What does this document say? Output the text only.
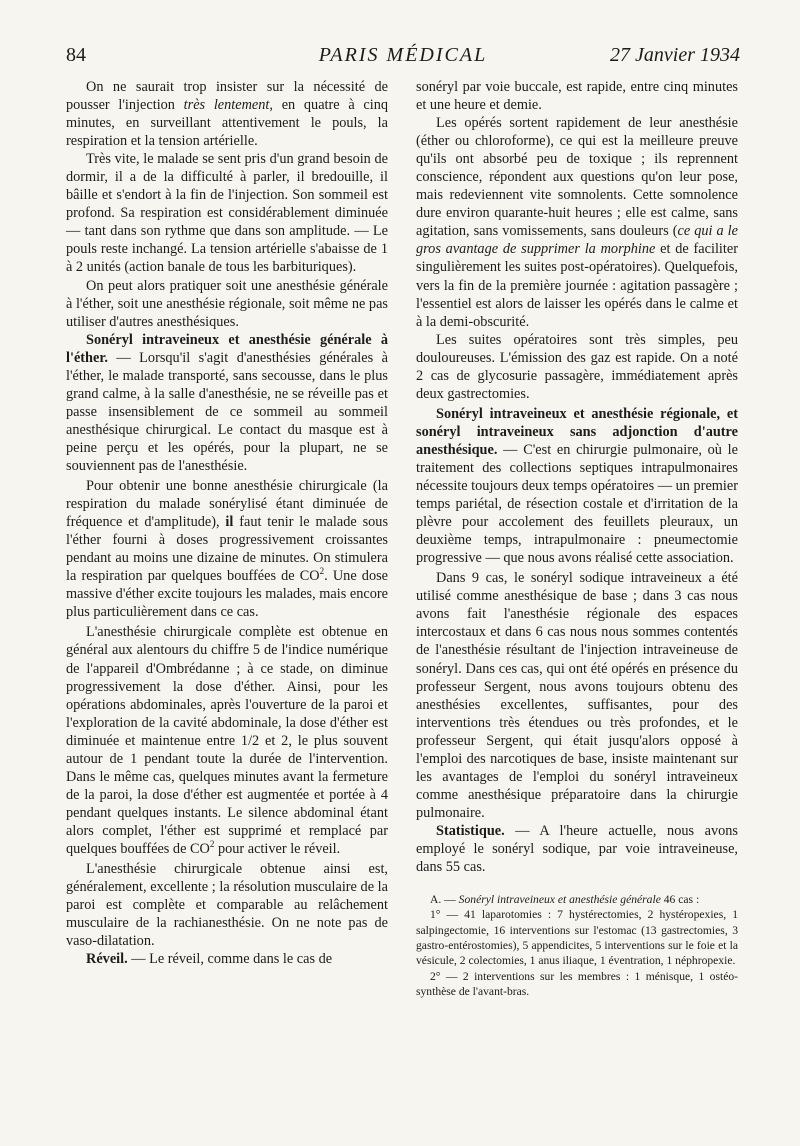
84	PARIS MÉDICAL	27 Janvier 1934

On ne saurait trop insister sur la nécessité de pousser l'injection très lentement, en quatre à cinq minutes, en surveillant attentivement le pouls, la respiration et la tension artérielle.

Très vite, le malade se sent pris d'un grand besoin de dormir, il a de la difficulté à parler, il bredouille, il bâille et s'endort à la fin de l'injection. Son sommeil est profond. Sa respiration est considérablement diminuée — tant dans son rythme que dans son amplitude. — Le pouls reste inchangé. La tension artérielle s'abaisse de 1 à 2 unités (action banale de tous les barbituriques).

On peut alors pratiquer soit une anesthésie générale à l'éther, soit une anesthésie régionale, soit même ne pas utiliser d'autres anesthésiques.

Sonéryl intraveineux et anesthésie générale à l'éther. — Lorsqu'il s'agit d'anesthésies générales à l'éther, le malade transporté, sans secousse, dans le plus grand calme, à la salle d'anesthésie, ne se réveille pas et passe insensiblement de ce sommeil au sommeil anesthésique chirurgical. Le contact du masque est à peine perçu et les opérés, pour la plupart, ne se souviennent pas de l'anesthésie.

Pour obtenir une bonne anesthésie chirurgicale (la respiration du malade sonérylisé étant diminuée de fréquence et d'amplitude), il faut tenir le malade sous l'éther fourni à doses progressivement croissantes pendant au moins une dizaine de minutes. On stimulera la respiration par quelques bouffées de $CO^2$. Une dose massive d'éther excite toujours les malades, mais encore plus particulièrement dans ce cas.

L'anesthésie chirurgicale complète est obtenue en général aux alentours du chiffre 5 de l'indice numérique de l'appareil d'Ombrédanne ; à ce stade, on diminue progressivement la dose d'éther. Ainsi, pour les opérations abdominales, après l'ouverture de la paroi et l'exploration de la cavité abdominale, la dose d'éther est diminuée et maintenue entre 1/2 et 2, le plus souvent autour de 1 pendant toute la durée de l'intervention. Dans le même cas, quelques minutes avant la fermeture de la paroi, la dose d'éther est augmentée et portée à 4 pendant quelques instants. Le silence abdominal étant alors complet, l'éther est supprimé et remplacé par quelques bouffées de $CO^2$ pour activer le réveil.

L'anesthésie chirurgicale obtenue ainsi est, généralement, excellente ; la résolution musculaire de la paroi est complète et comparable au relâchement musculaire de la rachianesthésie. On ne note pas de vaso-dilatation.

Réveil. — Le réveil, comme dans le cas de

sonéryl par voie buccale, est rapide, entre cinq minutes et une heure et demie.

Les opérés sortent rapidement de leur anesthésie (éther ou chloroforme), ce qui est la meilleure preuve qu'ils ont absorbé peu de toxique ; ils reprennent conscience, répondent aux questions qu'on leur pose, mais redeviennent vite somnolents. Cette somnolence dure environ quarante-huit heures ; elle est calme, sans agitation, sans vomissements, sans douleurs (ce qui a le gros avantage de supprimer la morphine et de faciliter singulièrement les suites post-opératoires). Quelquefois, vers la fin de la première journée : agitation passagère ; l'essentiel est alors de laisser les opérés dans le calme et à la demi-obscurité.

Les suites opératoires sont très simples, peu douloureuses. L'émission des gaz est rapide. On a noté 2 cas de glycosurie passagère, immédiatement après deux gastrectomies.

Sonéryl intraveineux et anesthésie régionale, et sonéryl intraveineux sans adjonction d'autre anesthésique. — C'est en chirurgie pulmonaire, où le traitement des collections septiques intrapulmonaires nécessite toujours deux temps opératoires — un premier temps pariétal, de résection costale et d'irritation de la plèvre pour accolement des feuillets pleuraux, un deuxième temps, intrapulmonaire : pneumectomie progressive — que nous avons réalisé cette association.

Dans 9 cas, le sonéryl sodique intraveineux a été utilisé comme anesthésique de base ; dans 3 cas nous avons fait l'anesthésie régionale des espaces intercostaux et dans 6 cas nous nous sommes contentés de l'anesthésie résultant de l'injection intraveineuse de sonéryl. Dans ces cas, qui ont été opérés en présence du professeur Sergent, nous avons toujours obtenu des anesthésies excellentes, suffisantes, pour des interventions très étendues ou très profondes, et le professeur Sergent, qui était jusqu'alors opposé à l'emploi des narcotiques de base, insiste maintenant sur les avantages de l'emploi du sonéryl intraveineux comme anesthésique préparatoire dans la chirurgie pulmonaire.

Statistique. — A l'heure actuelle, nous avons employé le sonéryl sodique, par voie intraveineuse, dans 55 cas.

A. — Sonéryl intraveineux et anesthésie générale 46 cas :

1° — 41 laparotomies : 7 hystérectomies, 2 hystéropexies, 1 salpingectomie, 16 interventions sur l'estomac (13 gastrectomies, 3 gastro-entérostomies), 5 appendicites, 5 interventions sur le foie et la vésicule, 2 colectomies, 1 anus iliaque, 1 éventration, 1 néphropexie.

2° — 2 interventions sur les membres : 1 ménisque, 1 ostéo-synthèse de l'avant-bras.
